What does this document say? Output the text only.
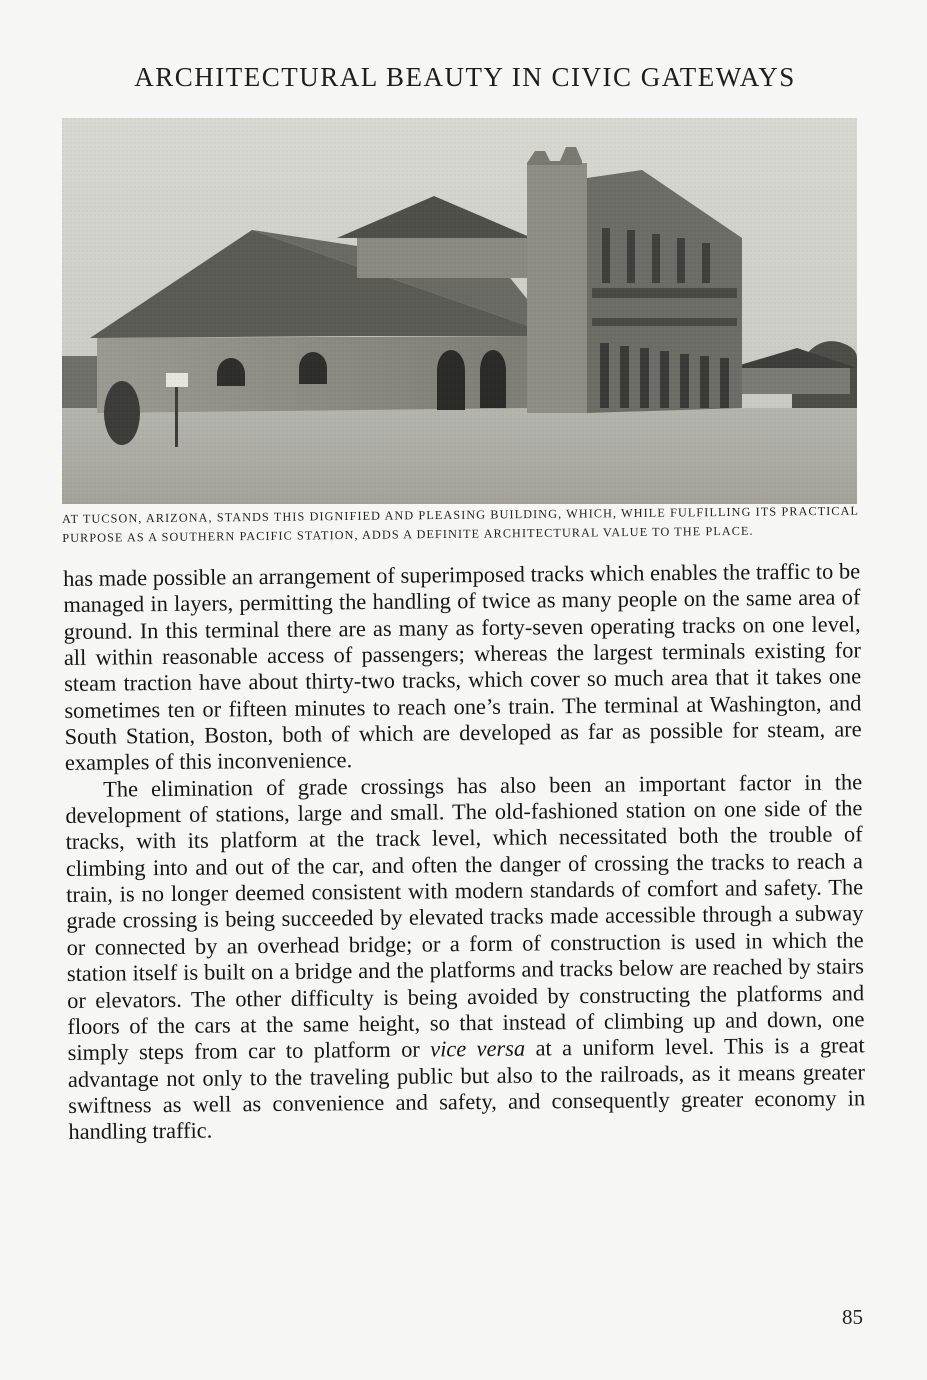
ARCHITECTURAL BEAUTY IN CIVIC GATEWAYS
AT TUCSON, ARIZONA, STANDS THIS DIGNIFIED AND PLEASING BUILDING, WHICH, WHILE FULFILLING ITS PRACTICAL PURPOSE AS A SOUTHERN PACIFIC STATION, ADDS A DEFINITE ARCHITECTURAL VALUE TO THE PLACE.

has made possible an arrangement of superimposed tracks which enables the traffic to be managed in layers, permitting the handling of twice as many people on the same area of ground. In this terminal there are as many as forty-seven operating tracks on one level, all within reasonable access of passengers; whereas the largest terminals existing for steam traction have about thirty-two tracks, which cover so much area that it takes one sometimes ten or fifteen minutes to reach one’s train. The terminal at Washington, and South Station, Boston, both of which are developed as far as possible for steam, are examples of this inconvenience.

The elimination of grade crossings has also been an important factor in the development of stations, large and small. The old-fashioned station on one side of the tracks, with its platform at the track level, which necessitated both the trouble of climbing into and out of the car, and often the danger of crossing the tracks to reach a train, is no longer deemed consistent with modern standards of comfort and safety. The grade crossing is being succeeded by elevated tracks made accessible through a subway or connected by an overhead bridge; or a form of construction is used in which the station itself is built on a bridge and the platforms and tracks below are reached by stairs or elevators. The other difficulty is being avoided by constructing the platforms and floors of the cars at the same height, so that instead of climbing up and down, one simply steps from car to platform or vice versa at a uniform level. This is a great advantage not only to the traveling public but also to the railroads, as it means greater swiftness as well as convenience and safety, and consequently greater economy in handling traffic.

85
